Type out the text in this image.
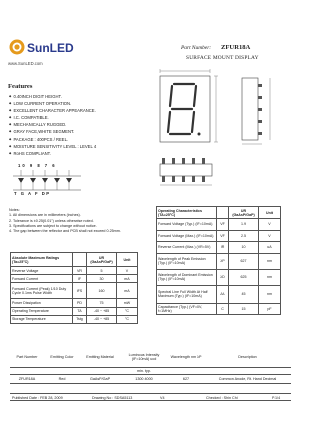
SunLED
www.SunLED.com
Part Number: ZFUR18A
SURFACE MOUNT DISPLAY
Features
◆ 0.40INCH DIGIT HEIGHT.
◆ LOW CURRENT OPERATION.
◆ EXCELLENT CHARACTER APPEARANCE.
◆ I.C. COMPATIBLE.
◆ MECHANICALLY RUGGED.
◆ GRAY FACE,WHITE SEGMENT.
◆ PACKAGE : 400PCS / REEL.
◆ MOISTURE SENSITIVITY LEVEL : LEVEL 4
◆ RoHS COMPLIANT.
10 9 8 7 6
T G A F DP
Notes:
1. All dimensions are in millimeters (inches).
2. Tolerance is ±0.25(0.01") unless otherwise noted.
3. Specifications are subject to change without notice.
4. The gap between the reflector and PCB shall not exceed 0.25mm.
Absolute Maximum Ratings (Ta=25°C)		UR (GaAsP/GaP)	Unit
Reverse Voltage	VR	5	V
Forward Current	IF	30	mA
Forward Current (Peak) 1/10 Duty Cycle 0.1ms Pulse Width	iFS	160	mA
Power Dissipation	PD	75	mW
Operating Temperature	TA	-40 ~ +85	°C
Storage Temperature	Tstg	-40 ~ +85	°C
Operating Characteristics (TA=25°C)		UR (GaAsP/GaP)	Unit
Forward Voltage (Typ.) (IF=10mA)	VF	1.9	V
Forward Voltage (Max.) (IF=10mA)	VF	2.5	V
Reverse Current (Max.) (VR=5V)	IR	10	uA
Wavelength of Peak Emission (Typ.) (IF=10mA)	λP	627	nm
Wavelength of Dominant Emission (Typ.) (IF=10mA)	λD	625	nm
Spectral Line Full Width At Half Maximum (Typ.) (IF=10mA)	Δλ	45	nm
Capacitance (Typ.) (VF=0V, f=1MHz)	C	15	pF
Part Number	Emitting Color	Emitting Material	Luminous Intensity (IF=10mA) ucd	Wavelength nm λP	Description
			min. typ.		
ZFUR18A	Red	GaAsP/GaP	1300 4000	627	Common Anode, Rt. Hand Decimal
Published Date : FEB 28, 2009	Drawing No : SDSA5113	V4	Checked : Shin Chi	P.1/4
